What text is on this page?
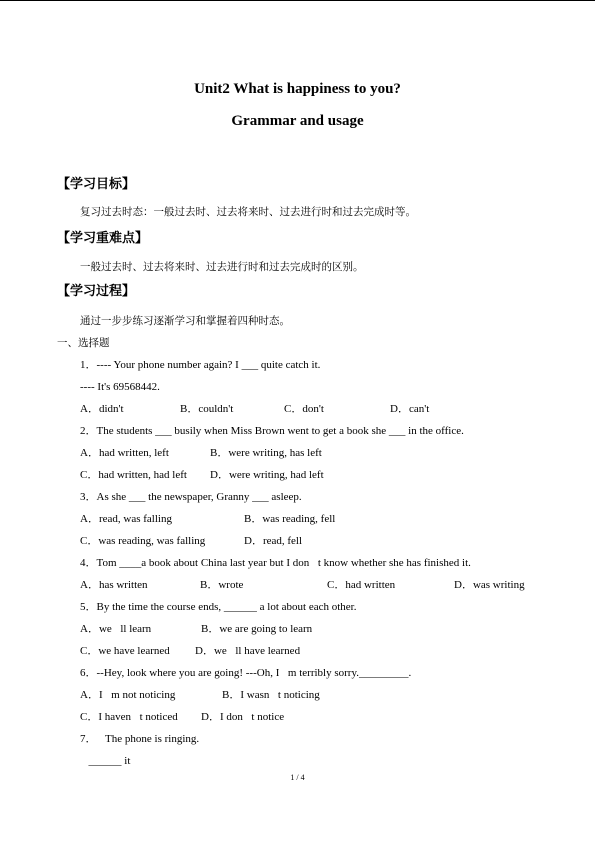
Unit2 What is happiness to you?
Grammar and usage
【学习目标】
复习过去时态：一般过去时、过去将来时、过去进行时和过去完成时等。
【学习重难点】
一般过去时、过去将来时、过去进行时和过去完成时的区别。
【学习过程】
通过一步步练习逐渐学习和掌握着四种时态。
一、选择题
1．---- Your phone number again? I ___ quite catch it.
---- It's 69568442.
A．didn't	B．couldn't	C．don't	D．can't
2．The students ___ busily when Miss Brown went to get a book she ___ in the office.
A．had written, left	B．were writing, has left
C．had written, had left D．were writing, had left
3．As she ___ the newspaper, Granny ___ asleep.
A．read, was falling	B．was reading, fell
C．was reading, was falling	D．read, fell
4．Tom ____a book about China last year but I don t know whether she has finished it.
A．has written	B．wrote	C．had written	D．was writing
5．By the time the course ends, ______ a lot about each other.
A．we ll learn	B．we are going to learn
C．we have learned D．we ll have learned
6．--Hey, look where you are going! ---Oh, I m terribly sorry._________.
A．I m not noticing	B．I wasn t noticing
C．I haven t noticed D．I don t notice
7． The phone is ringing. 
 ______ it 
1 / 4
